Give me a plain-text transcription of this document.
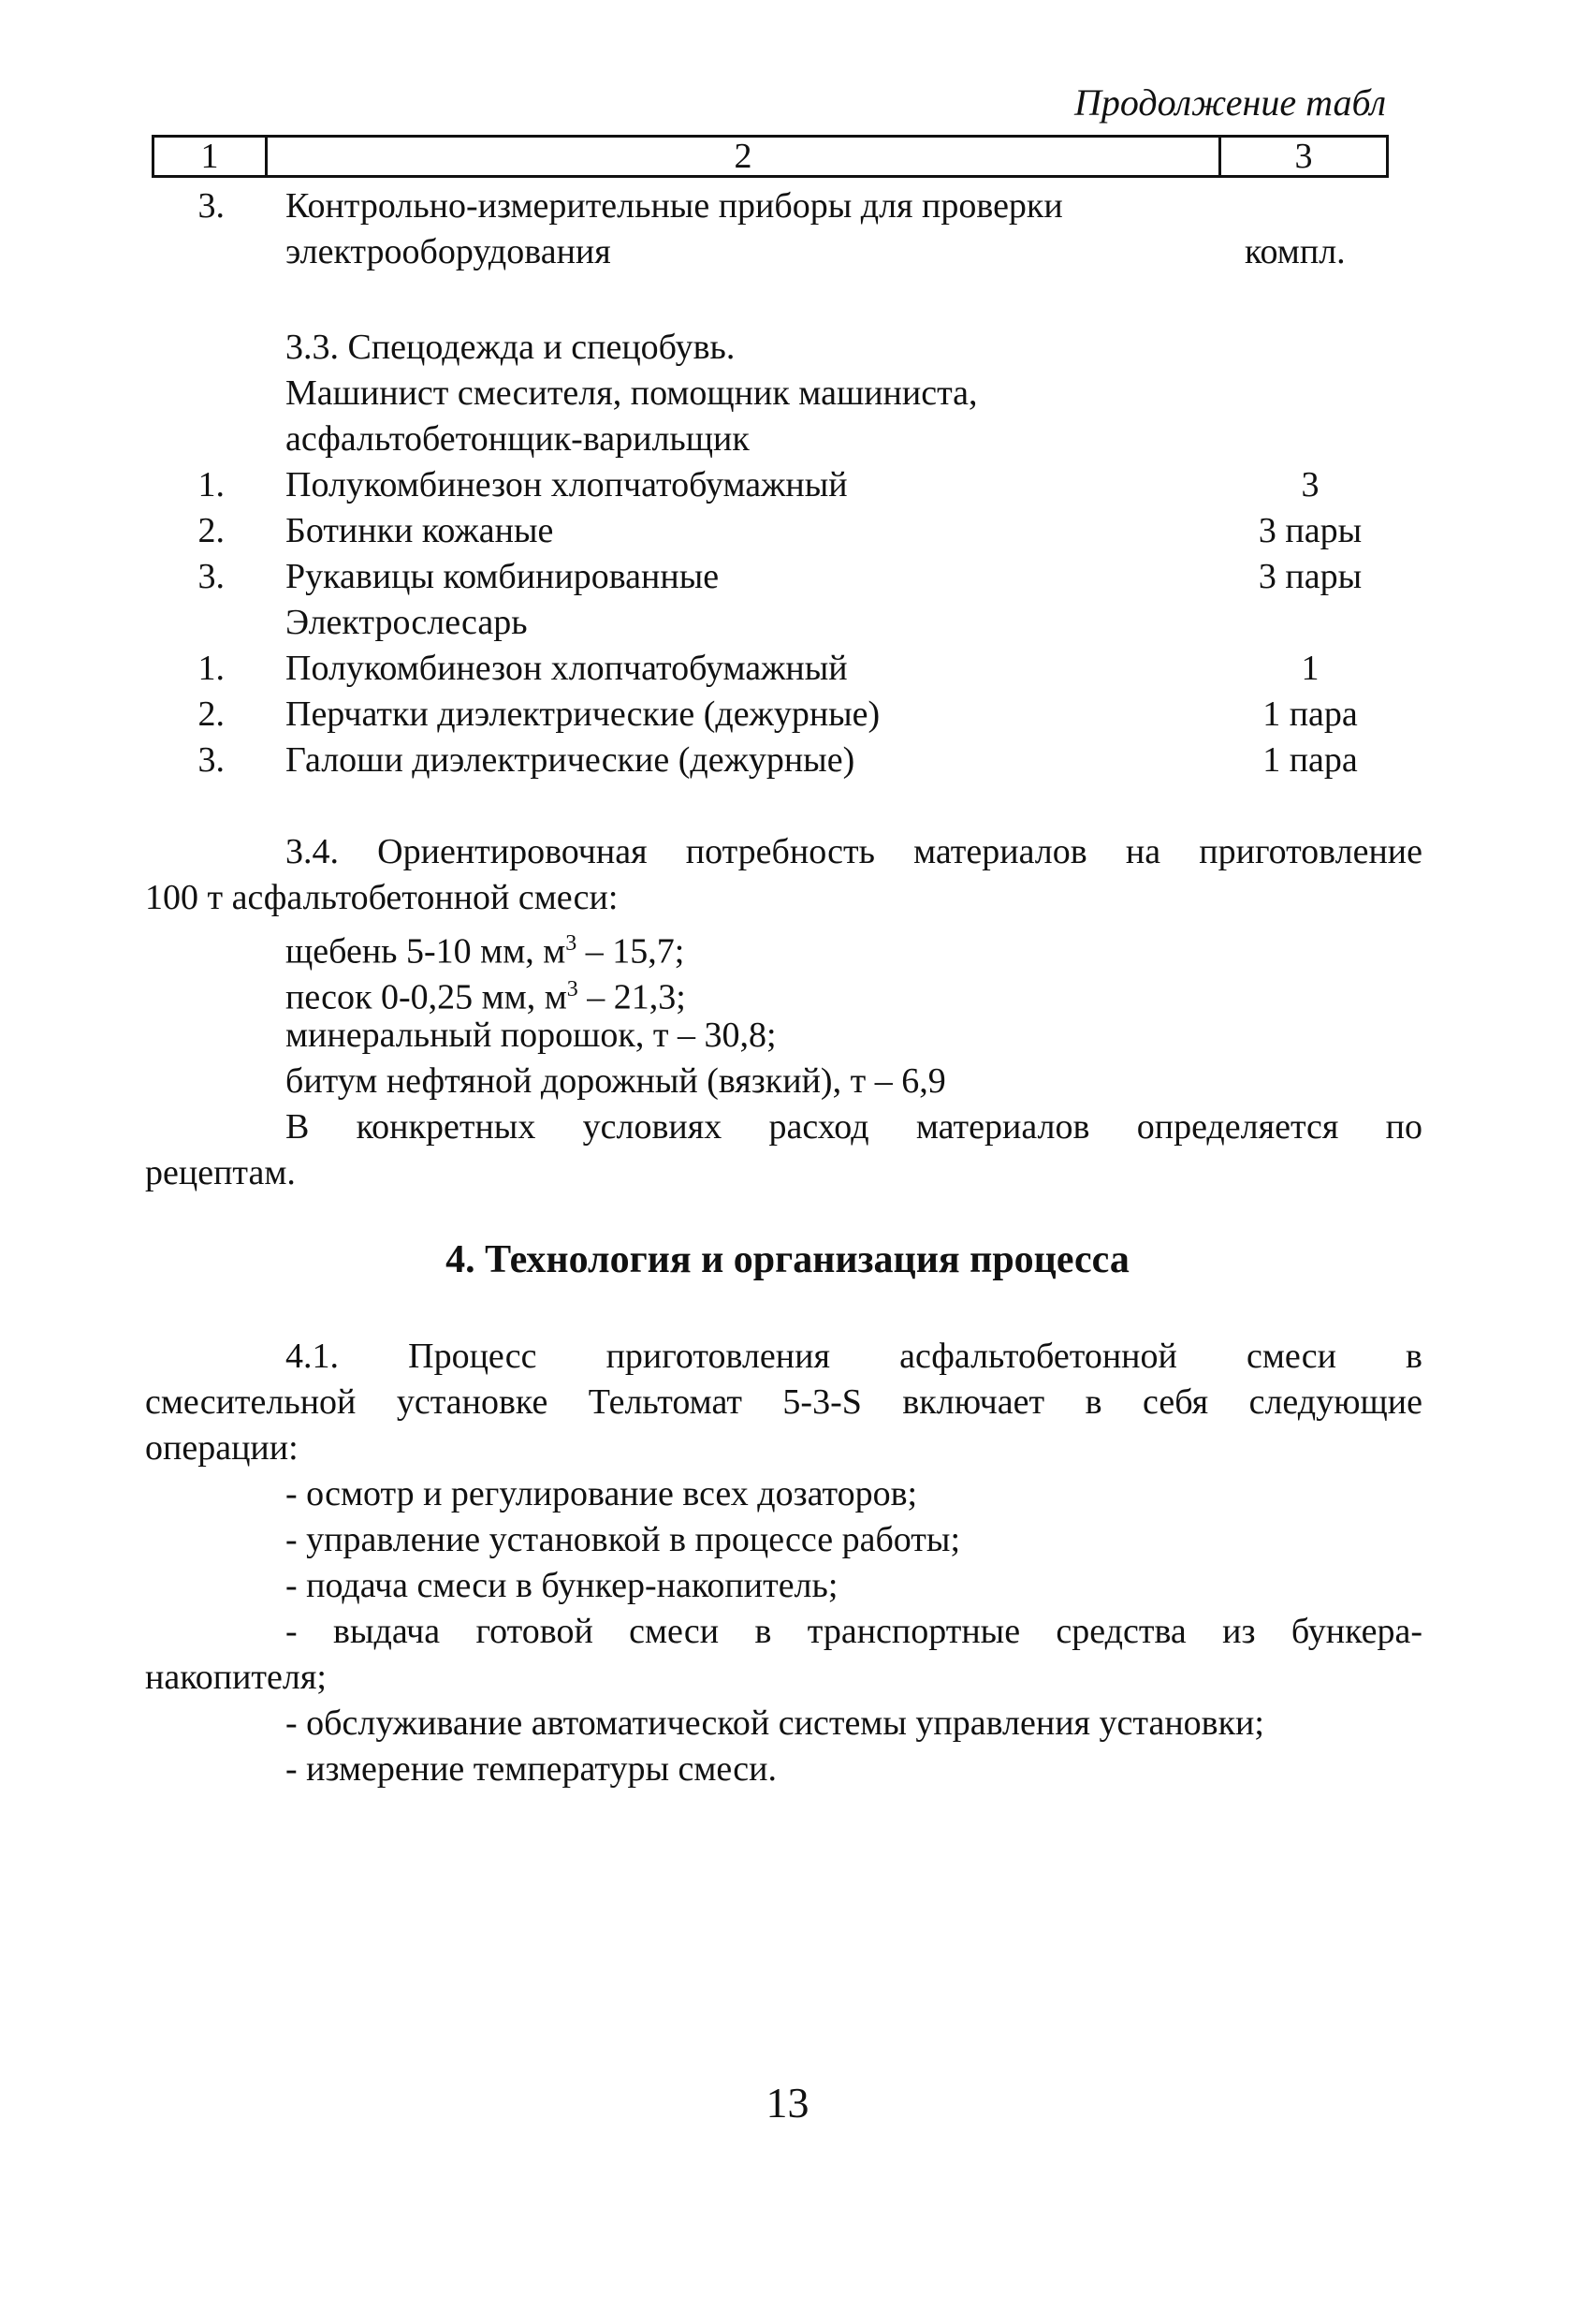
Продолжение табл
1	2	3
3. Контрольно-измерительные приборы для проверки
электрооборудования	компл.
3.3. Спецодежда и спецобувь.
Машинист смесителя, помощник машиниста,
асфальтобетонщик-варильщик
1. Полукомбинезон хлопчатобумажный	3
2. Ботинки кожаные	3 пары
3. Рукавицы комбинированные	3 пары
Электрослесарь
1. Полукомбинезон хлопчатобумажный	1
2. Перчатки диэлектрические (дежурные)	1 пара
3. Галоши диэлектрические (дежурные)	1 пара
3.4. Ориентировочная потребность материалов на приготовление
100 т асфальтобетонной смеси:
щебень 5-10 мм, $м^3 - 15,7$;
песок 0-0,25 мм, $м^3 - 21,3$;
минеральный порошок, т – 30,8;
битум нефтяной дорожный (вязкий), т – 6,9
В конкретных условиях расход материалов определяется по
рецептам.
4. Технология и организация процесса
4.1. Процесс приготовления асфальтобетонной смеси в
смесительной установке Тельтомат 5-3-S включает в себя следующие
операции:
- осмотр и регулирование всех дозаторов;
- управление установкой в процессе работы;
- подача смеси в бункер-накопитель;
- выдача готовой смеси в транспортные средства из бункера-
накопителя;
- обслуживание автоматической системы управления установки;
- измерение температуры смеси.
13
